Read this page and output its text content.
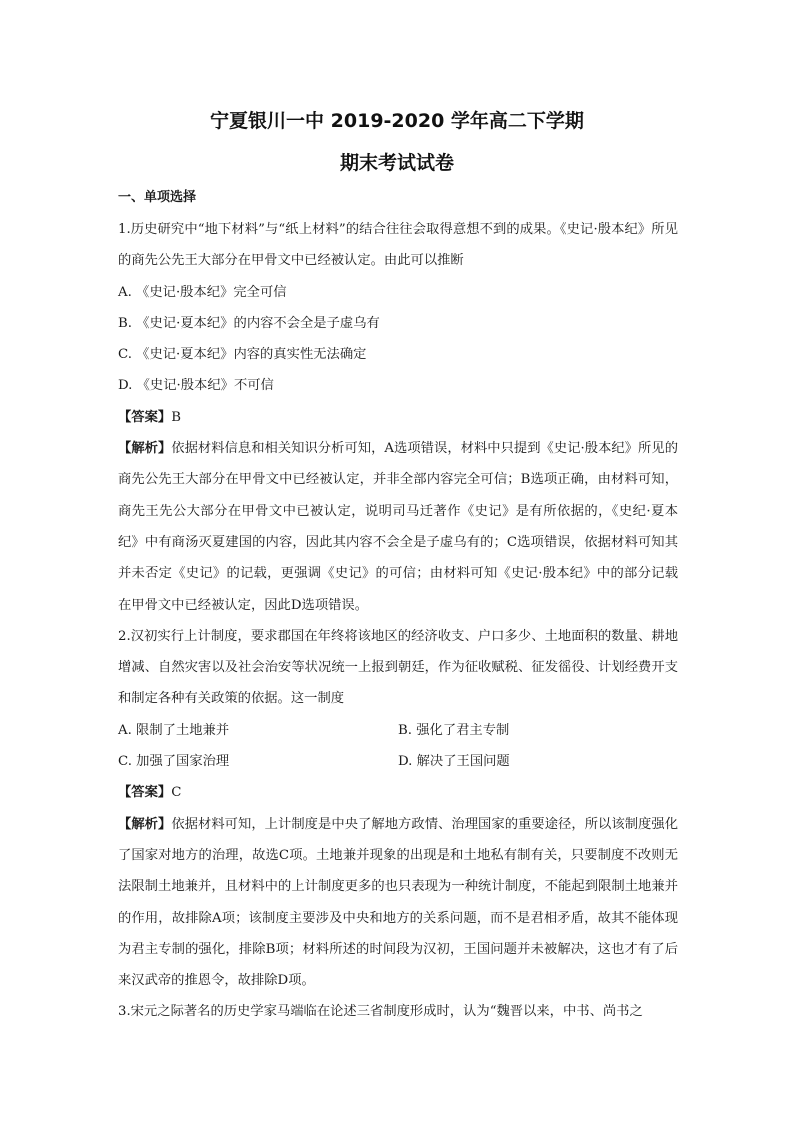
宁夏银川一中 2019-2020 学年高二下学期
期末考试试卷
一、单项选择

1.历史研究中“地下材料”与“纸上材料”的结合往往会取得意想不到的成果。《史记·殷本纪》所见的商先公先王大部分在甲骨文中已经被认定。由此可以推断

A. 《史记·殷本纪》完全可信

B. 《史记·夏本纪》的内容不会全是子虚乌有

C. 《史记·夏本纪》内容的真实性无法确定

D. 《史记·殷本纪》不可信

【答案】B

【解析】依据材料信息和相关知识分析可知，A选项错误，材料中只提到《史记·殷本纪》所见的商先公先王大部分在甲骨文中已经被认定，并非全部内容完全可信；B选项正确，由材料可知，商先王先公大部分在甲骨文中已被认定，说明司马迁著作《史记》是有所依据的，《史纪·夏本纪》中有商汤灭夏建国的内容，因此其内容不会全是子虚乌有的；C选项错误，依据材料可知其并未否定《史记》的记载，更强调《史记》的可信；由材料可知《史记·殷本纪》中的部分记载在甲骨文中已经被认定，因此D选项错误。

2.汉初实行上计制度，要求郡国在年终将该地区的经济收支、户口多少、土地面积的数量、耕地增减、自然灾害以及社会治安等状况统一上报到朝廷，作为征收赋税、征发徭役、计划经费开支和制定各种有关政策的依据。这一制度

A. 限制了土地兼并	B. 强化了君主专制
C. 加强了国家治理	D. 解决了王国问题

【答案】C

【解析】依据材料可知，上计制度是中央了解地方政情、治理国家的重要途径，所以该制度强化了国家对地方的治理，故选C项。土地兼并现象的出现是和土地私有制有关，只要制度不改则无法限制土地兼并，且材料中的上计制度更多的也只表现为一种统计制度，不能起到限制土地兼并的作用，故排除A项；该制度主要涉及中央和地方的关系问题，而不是君相矛盾，故其不能体现为君主专制的强化，排除B项；材料所述的时间段为汉初，王国问题并未被解决，这也才有了后来汉武帝的推恩令，故排除D项。

3.宋元之际著名的历史学家马端临在论述三省制度形成时，认为“魏晋以来，中书、尚书之
